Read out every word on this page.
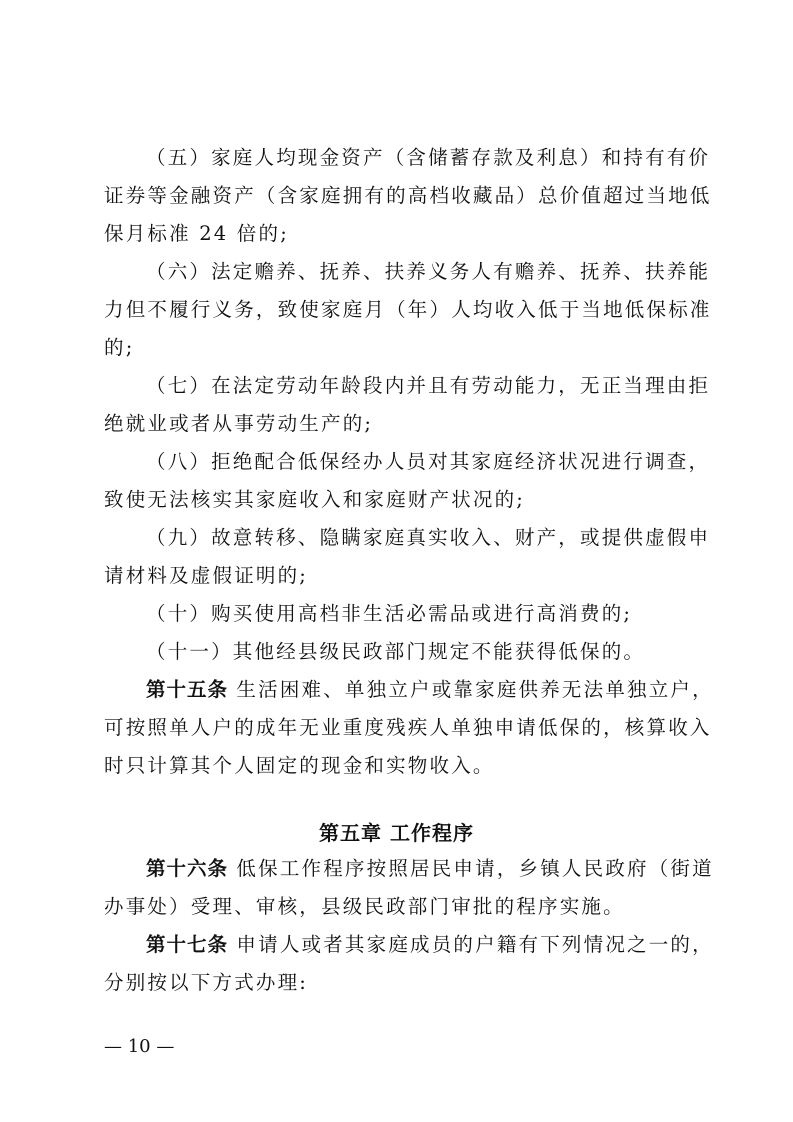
（五）家庭人均现金资产（含储蓄存款及利息）和持有有价
证券等金融资产（含家庭拥有的高档收藏品）总价值超过当地低
保月标准 24 倍的;
（六）法定赡养、抚养、扶养义务人有赡养、抚养、扶养能
力但不履行义务，致使家庭月（年）人均收入低于当地低保标准
的;
（七）在法定劳动年龄段内并且有劳动能力，无正当理由拒
绝就业或者从事劳动生产的;
（八）拒绝配合低保经办人员对其家庭经济状况进行调查，
致使无法核实其家庭收入和家庭财产状况的;
（九）故意转移、隐瞒家庭真实收入、财产，或提供虚假申
请材料及虚假证明的;
（十）购买使用高档非生活必需品或进行高消费的;
（十一）其他经县级民政部门规定不能获得低保的。
第十五条 生活困难、单独立户或靠家庭供养无法单独立户，
可按照单人户的成年无业重度残疾人单独申请低保的，核算收入
时只计算其个人固定的现金和实物收入。
第五章 工作程序
第十六条 低保工作程序按照居民申请，乡镇人民政府（街道
办事处）受理、审核，县级民政部门审批的程序实施。
第十七条 申请人或者其家庭成员的户籍有下列情况之一的，
分别按以下方式办理:
— 10 —
